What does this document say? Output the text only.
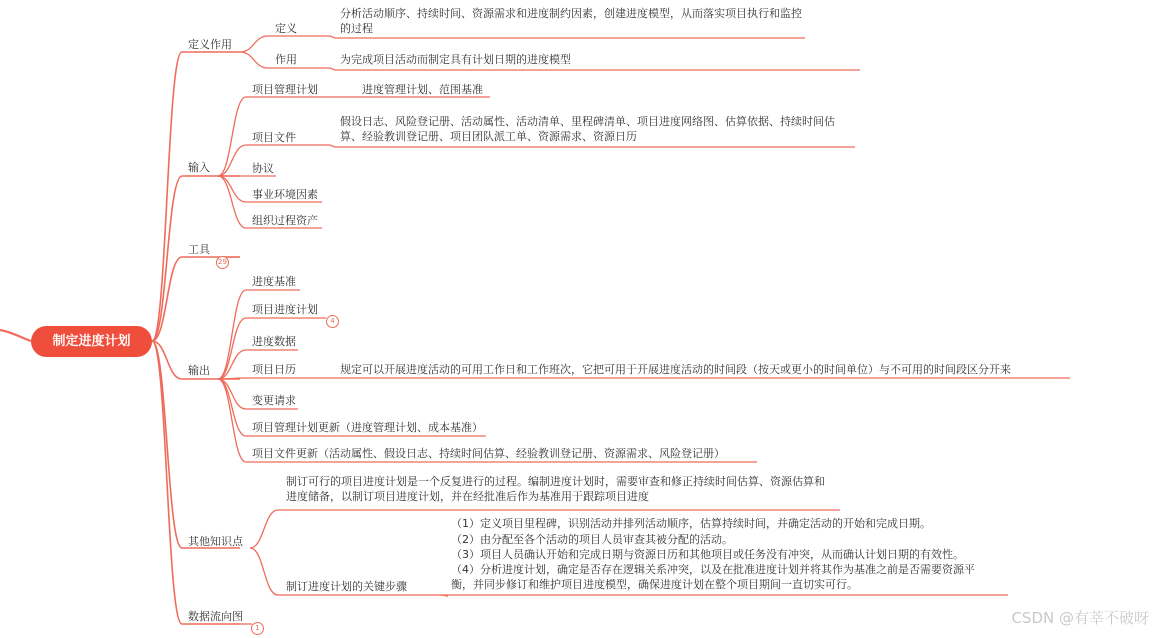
制定进度计划
定义作用
定义
分析活动顺序、持续时间、资源需求和进度制约因素，创建进度模型，从而落实项目执行和监控的过程
作用	为完成项目活动而制定具有计划日期的进度模型
输入
项目管理计划	进度管理计划、范围基准
项目文件
假设日志、风险登记册、活动属性、活动清单、里程碑清单、项目进度网络图、估算依据、持续时间估算、经验教训登记册、项目团队派工单、资源需求、资源日历
协议
事业环境因素
组织过程资产
工具
29
输出
进度基准
项目进度计划
4
进度数据
项目日历	规定可以开展进度活动的可用工作日和工作班次，它把可用于开展进度活动的时间段（按天或更小的时间单位）与不可用的时间段区分开来
变更请求
项目管理计划更新（进度管理计划、成本基准）
项目文件更新（活动属性、假设日志、持续时间估算、经验教训登记册、资源需求、风险登记册）
其他知识点
制订可行的项目进度计划是一个反复进行的过程。编制进度计划时，需要审查和修正持续时间估算、资源估算和进度储备，以制订项目进度计划，并在经批准后作为基准用于跟踪项目进度
制订进度计划的关键步骤
（1）定义项目里程碑，识别活动并排列活动顺序，估算持续时间，并确定活动的开始和完成日期。
（2）由分配至各个活动的项目人员审查其被分配的活动。
（3）项目人员确认开始和完成日期与资源日历和其他项目或任务没有冲突，从而确认计划日期的有效性。
（4）分析进度计划，确定是否存在逻辑关系冲突，以及在批准进度计划并将其作为基准之前是否需要资源平衡，并同步修订和维护项目进度模型，确保进度计划在整个项目期间一直切实可行。
数据流向图
1
CSDN @有莘不破呀
